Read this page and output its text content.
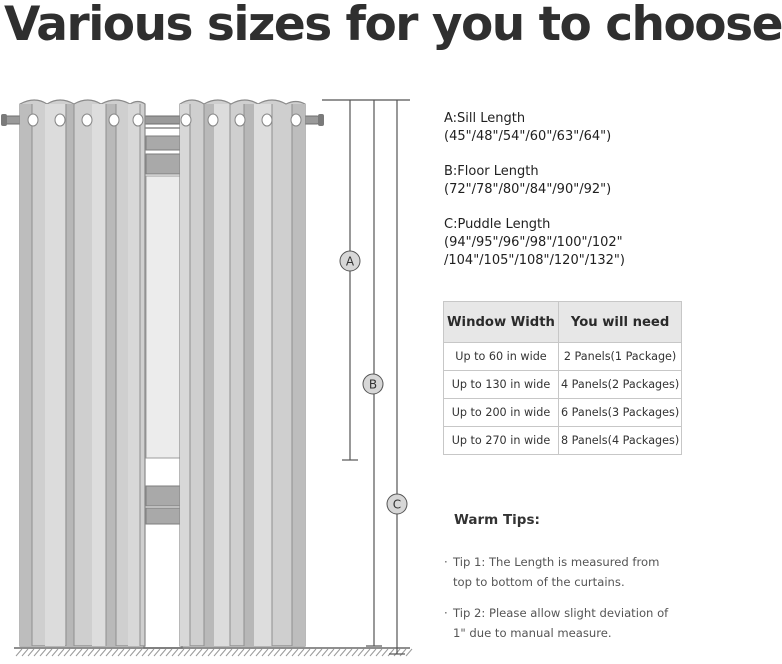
Various sizes for you to choose
A
B
C
A:Sill Length
(45"/48"/54"/60"/63"/64")
B:Floor Length
(72"/78"/80"/84"/90"/92")
C:Puddle Length
(94"/95"/96"/98"/100"/102"
/104"/105"/108"/120"/132")
Window Width	You will need
Up to 60 in wide	2 Panels(1 Package)
Up to 130 in wide	4 Panels(2 Packages)
Up to 200 in wide	6 Panels(3 Packages)
Up to 270 in wide	8 Panels(4 Packages)
Warm Tips:
· Tip 1: The Length is measured from top to bottom of the curtains.
· Tip 2: Please allow slight deviation of 1" due to manual measure.
